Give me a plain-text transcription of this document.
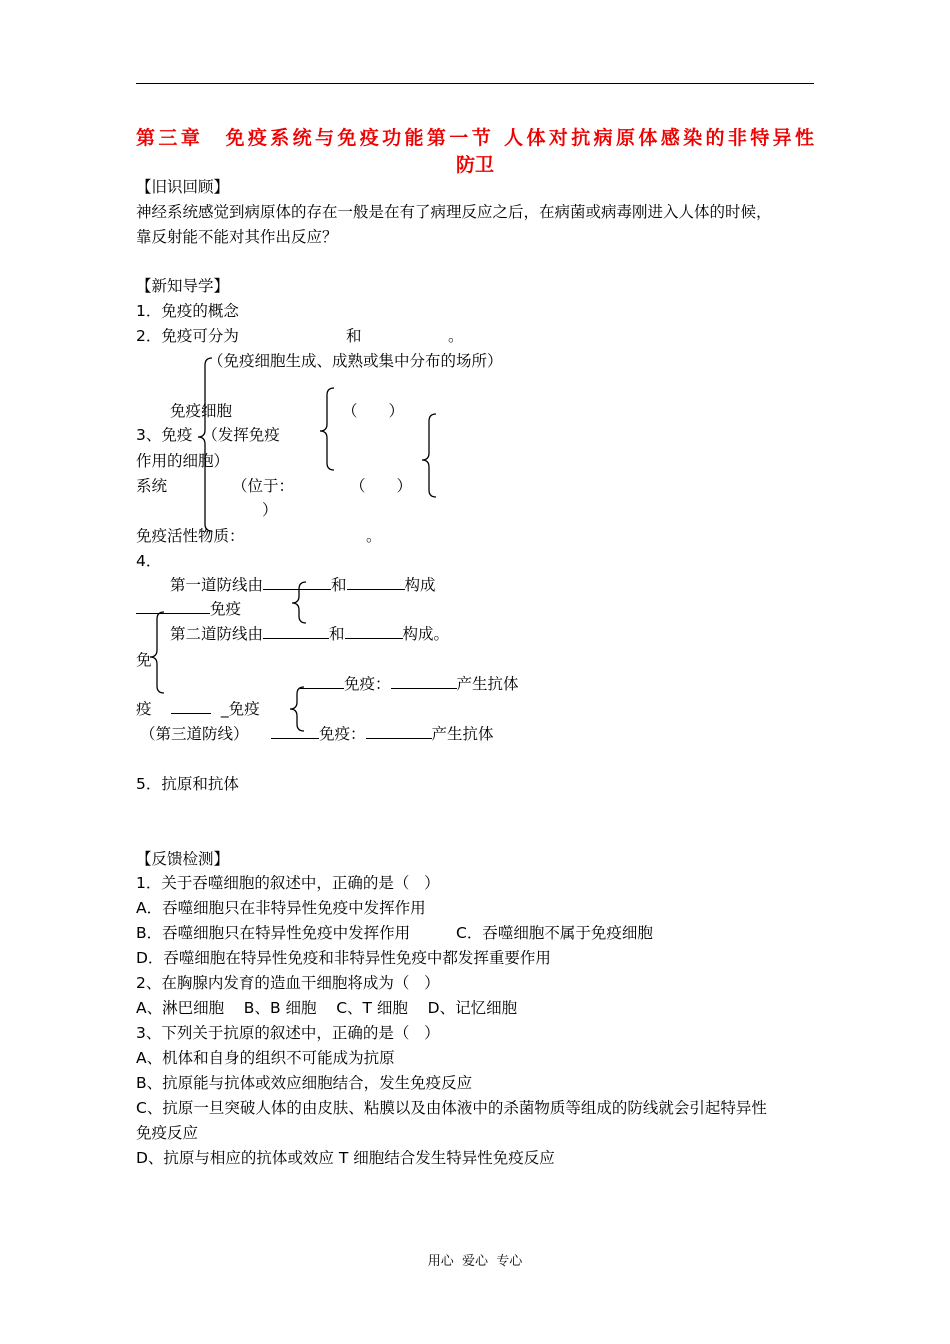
第三章　免疫系统与免疫功能第一节 人体对抗病原体感染的非特异性
防卫
【旧识回顾】
神经系统感觉到病原体的存在一般是在有了病理反应之后，在病菌或病毒刚进入人体的时候，
靠反射能不能对其作出反应？
【新知导学】
1．免疫的概念
2．免疫可分为	和	。
（免疫细胞生成、成熟或集中分布的场所）
免疫细胞	（　　）
3、免疫  （发挥免疫
作用的细胞）
系统	（位于：	（　　）
）
免疫活性物质：	。
4．
第一道防线由	和	构成
免疫
第二道防线由	和	构成。
免
免疫：	产生抗体
疫	_免疫
（第三道防线）	免疫：	产生抗体
5．抗原和抗体
【反馈检测】
1．关于吞噬细胞的叙述中，正确的是（   ）
A．吞噬细胞只在非特异性免疫中发挥作用
B．吞噬细胞只在特异性免疫中发挥作用	C．吞噬细胞不属于免疫细胞
D．吞噬细胞在特异性免疫和非特异性免疫中都发挥重要作用
2、在胸腺内发育的造血干细胞将成为（   ）
A、淋巴细胞    B、B 细胞    C、T 细胞    D、记忆细胞
3、下列关于抗原的叙述中，正确的是（   ）
A、机体和自身的组织不可能成为抗原
B、抗原能与抗体或效应细胞结合，发生免疫反应
C、抗原一旦突破人体的由皮肤、粘膜以及由体液中的杀菌物质等组成的防线就会引起特异性
免疫反应
D、抗原与相应的抗体或效应 T 细胞结合发生特异性免疫反应
用心  爱心  专心
